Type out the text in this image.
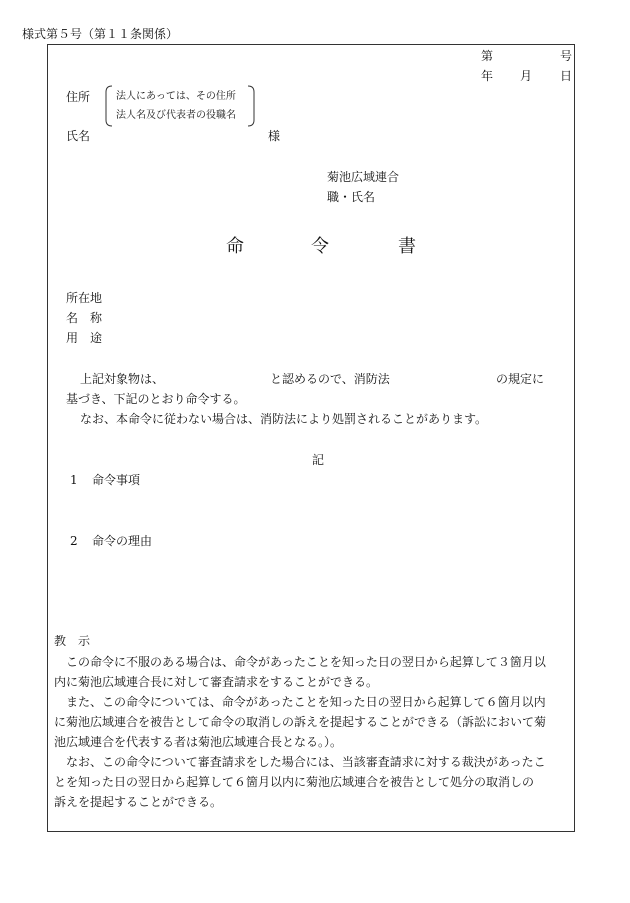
様式第５号（第１１条関係）
第	号
年 月 日
住所	法人にあっては、その住所
法人名及び代表者の役職名
氏名	様
菊池広域連合
職・氏名
命	令	書
所在地
名　称
用　途
上記対象物は、	と認めるので、消防法	の規定に
基づき、下記のとおり命令する。
なお、本命令に従わない場合は、消防法により処罰されることがあります。
記
1 命令事項
2 命令の理由
教　示
この命令に不服のある場合は、命令があったことを知った日の翌日から起算して３箇月以
内に菊池広域連合長に対して審査請求をすることができる。
また、この命令については、命令があったことを知った日の翌日から起算して６箇月以内
に菊池広域連合を被告として命令の取消しの訴えを提起することができる（訴訟において菊
池広域連合を代表する者は菊池広域連合長となる。）。
なお、この命令について審査請求をした場合には、当該審査請求に対する裁決があったこ
とを知った日の翌日から起算して６箇月以内に菊池広域連合を被告として処分の取消しの
訴えを提起することができる。
